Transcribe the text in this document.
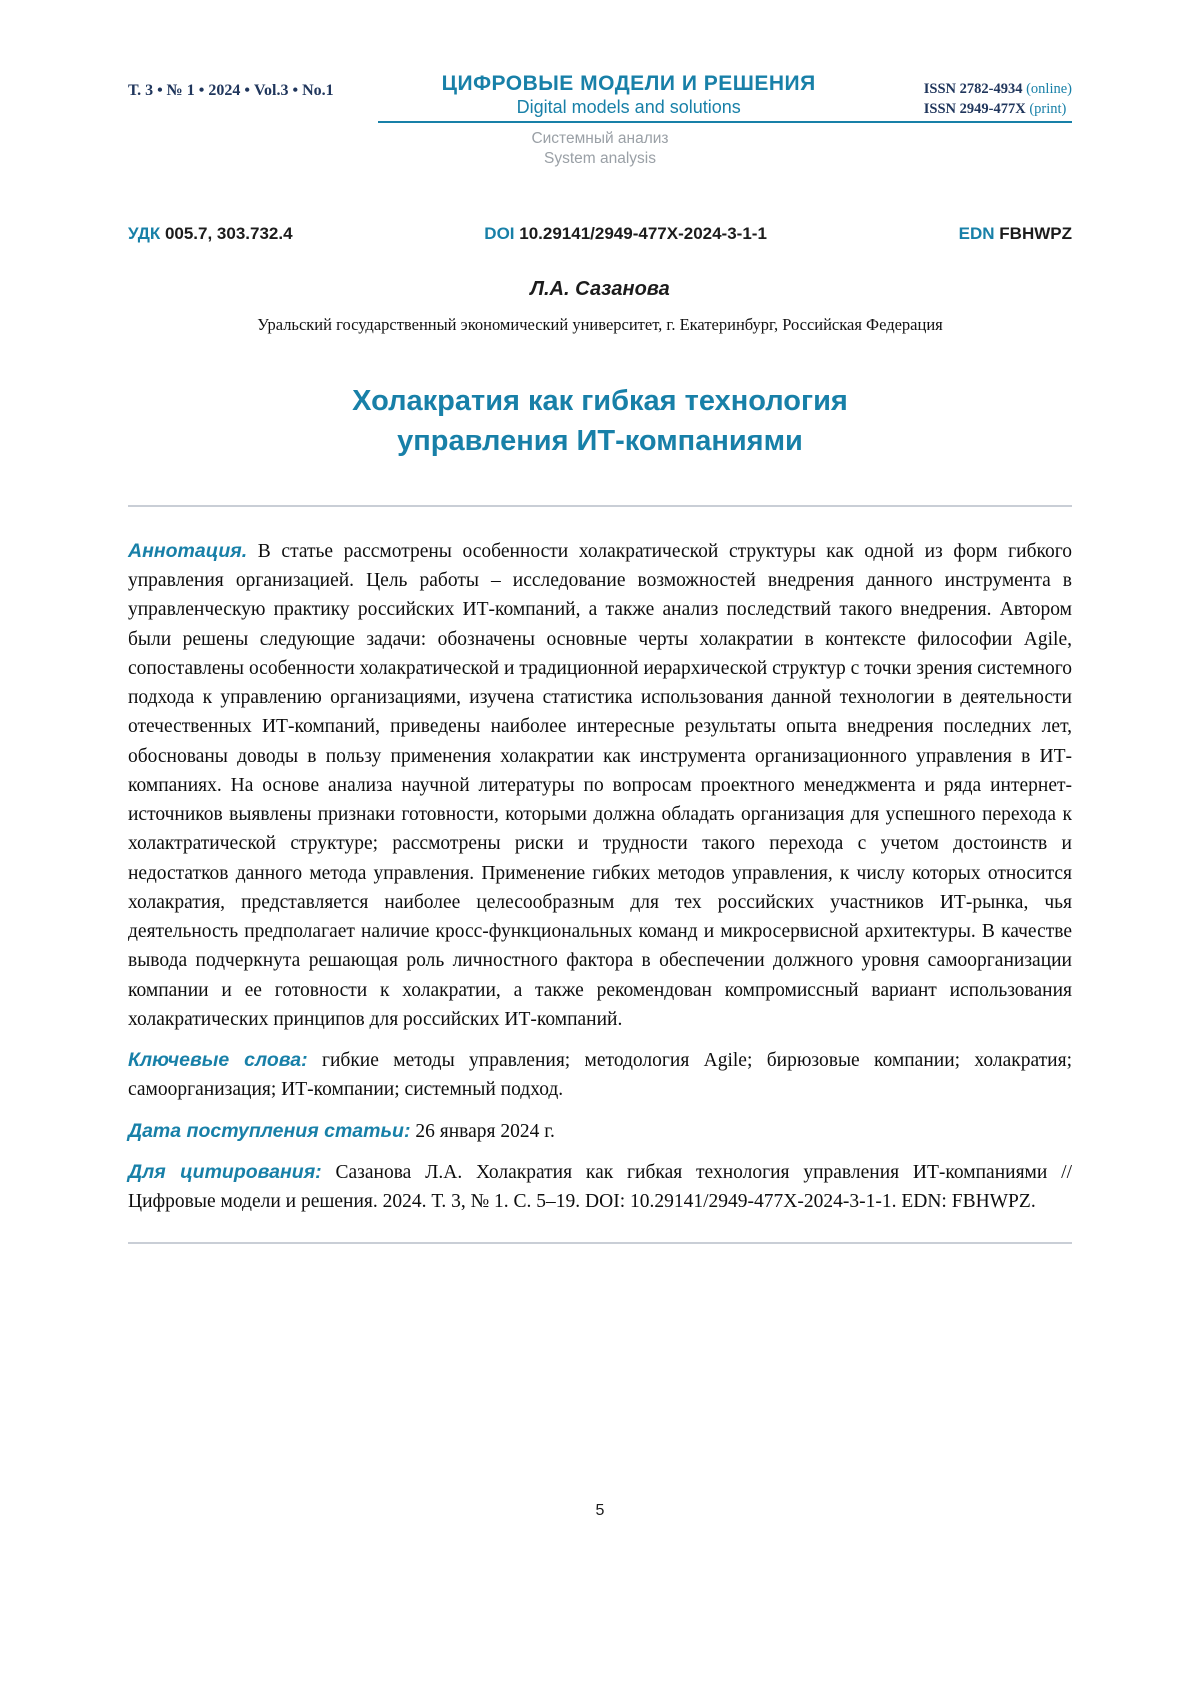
Т. 3 • № 1 • 2024 • Vol.3 • No.1	ЦИФРОВЫЕ МОДЕЛИ И РЕШЕНИЯ
Digital models and solutions
ISSN 2782-4934 (online)
ISSN 2949-477X (print)
Системный анализ
System analysis
УДК 005.7, 303.732.4	DOI 10.29141/2949-477X-2024-3-1-1	EDN FBHWPZ
Л.А. Сазанова
Уральский государственный экономический университет, г. Екатеринбург, Российская Федерация
Холакратия как гибкая технология
управления ИТ-компаниями

Аннотация. В статье рассмотрены особенности холакратической структуры как одной из форм гибкого управления организацией. Цель работы – исследование возможностей внедрения данного инструмента в управленческую практику российских ИТ-компаний, а также анализ последствий такого внедрения. Автором были решены следующие задачи: обозначены основные черты холакратии в контексте философии Agile, сопоставлены особенности холакратической и традиционной иерархической структур с точки зрения системного подхода к управлению организациями, изучена статистика использования данной технологии в деятельности отечественных ИТ-компаний, приведены наиболее интересные результаты опыта внедрения последних лет, обоснованы доводы в пользу применения холакратии как инструмента организационного управления в ИТ-компаниях. На основе анализа научной литературы по вопросам проектного менеджмента и ряда интернет-источников выявлены признаки готовности, которыми должна обладать организация для успешного перехода к холактратической структуре; рассмотрены риски и трудности такого перехода с учетом достоинств и недостатков данного метода управления. Применение гибких методов управления, к числу которых относится холакратия, представляется наиболее целесообразным для тех российских участников ИТ-рынка, чья деятельность предполагает наличие кросс-функциональных команд и микросервисной архитектуры. В качестве вывода подчеркнута решающая роль личностного фактора в обеспечении должного уровня самоорганизации компании и ее готовности к холакратии, а также рекомендован компромиссный вариант использования холакратических принципов для российских ИТ-компаний.

Ключевые слова: гибкие методы управления; методология Agile; бирюзовые компании; холакратия; самоорганизация; ИТ-компании; системный подход.

Дата поступления статьи: 26 января 2024 г.

Для цитирования: Сазанова Л.А. Холакратия как гибкая технология управления ИТ-компаниями // Цифровые модели и решения. 2024. Т. 3, № 1. С. 5–19. DOI: 10.29141/2949-477X-2024-3-1-1. EDN: FBHWPZ.

5
